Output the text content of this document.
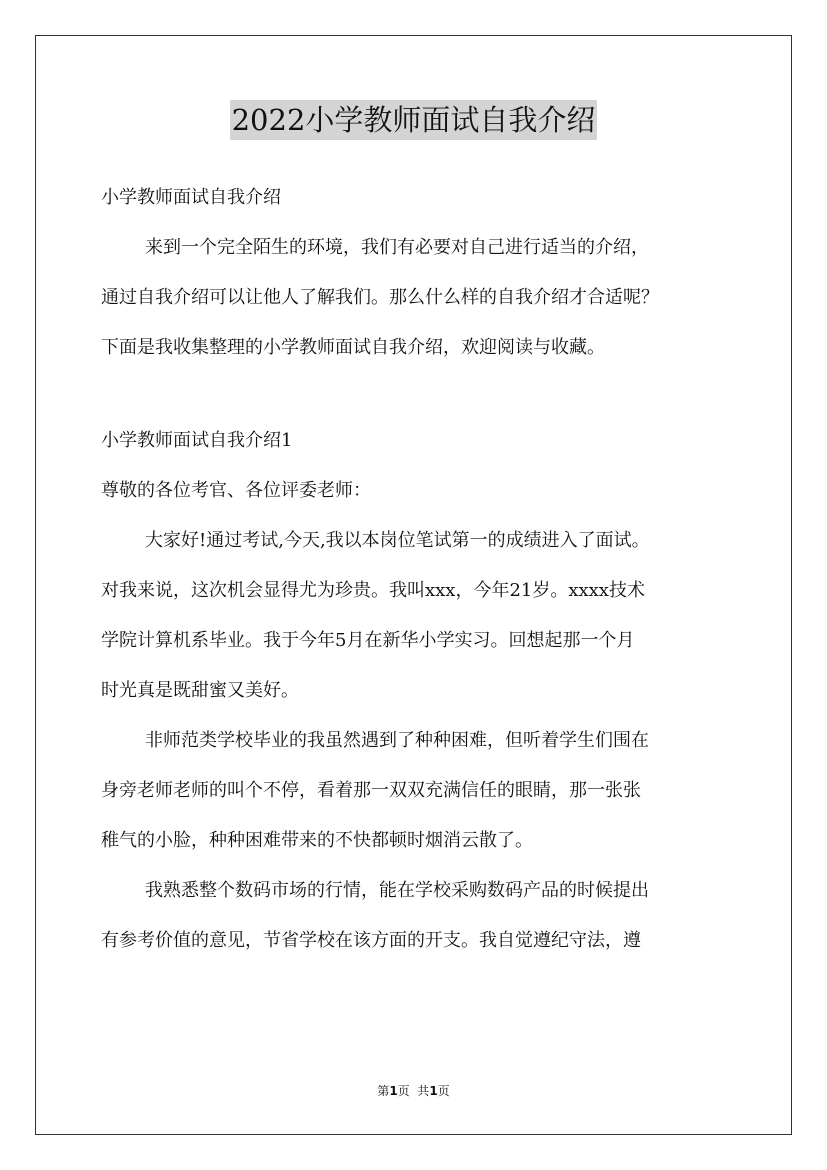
2022小学教师面试自我介绍
小学教师面试自我介绍
来到一个完全陌生的环境，我们有必要对自己进行适当的介绍，
通过自我介绍可以让他人了解我们。那么什么样的自我介绍才合适呢？
下面是我收集整理的小学教师面试自我介绍，欢迎阅读与收藏。
小学教师面试自我介绍1
尊敬的各位考官、各位评委老师：
大家好!通过考试,今天,我以本岗位笔试第一的成绩进入了面试。
对我来说，这次机会显得尤为珍贵。我叫xxx，今年21岁。xxxx技术
学院计算机系毕业。我于今年5月在新华小学实习。回想起那一个月
时光真是既甜蜜又美好。
非师范类学校毕业的我虽然遇到了种种困难，但听着学生们围在
身旁老师老师的叫个不停，看着那一双双充满信任的眼睛，那一张张
稚气的小脸，种种困难带来的不快都顿时烟消云散了。
我熟悉整个数码市场的行情，能在学校采购数码产品的时候提出
有参考价值的意见，节省学校在该方面的开支。我自觉遵纪守法，遵
第1页  共1页
